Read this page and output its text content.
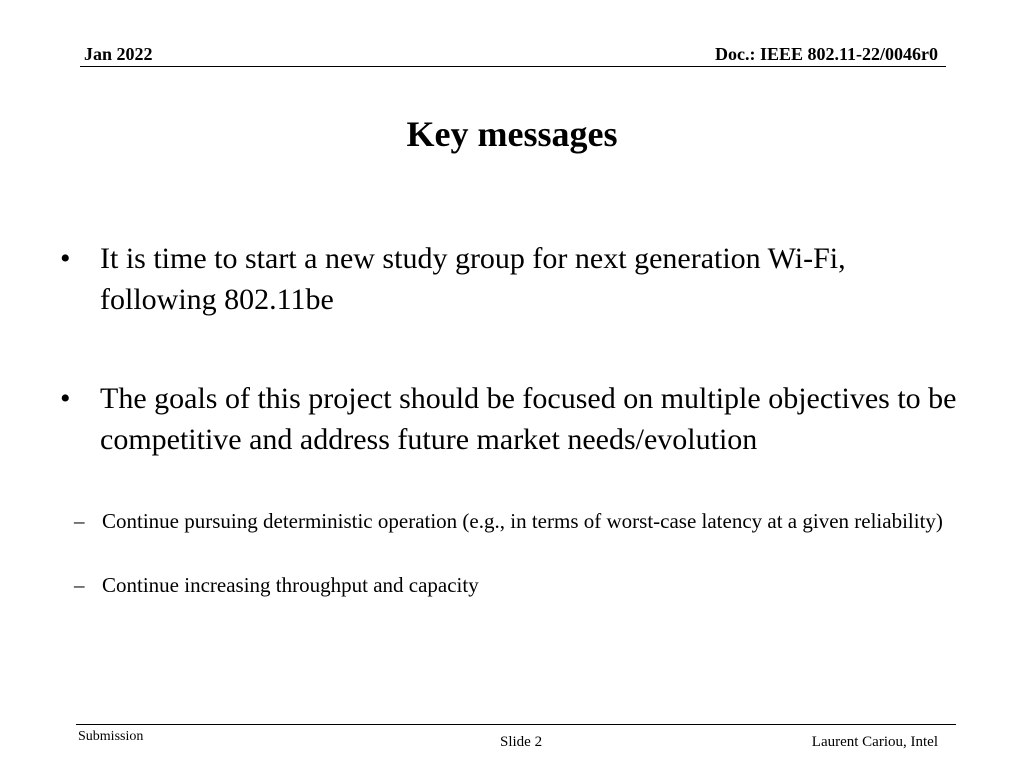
Jan 2022	Doc.: IEEE 802.11-22/0046r0
Key messages
• It is time to start a new study group for next generation Wi-Fi, following 802.11be
• The goals of this project should be focused on multiple objectives to be competitive and address future market needs/evolution
– Continue pursuing deterministic operation (e.g., in terms of worst-case latency at a given reliability)
– Continue increasing throughput and capacity
Submission	Slide 2	Laurent Cariou, Intel
